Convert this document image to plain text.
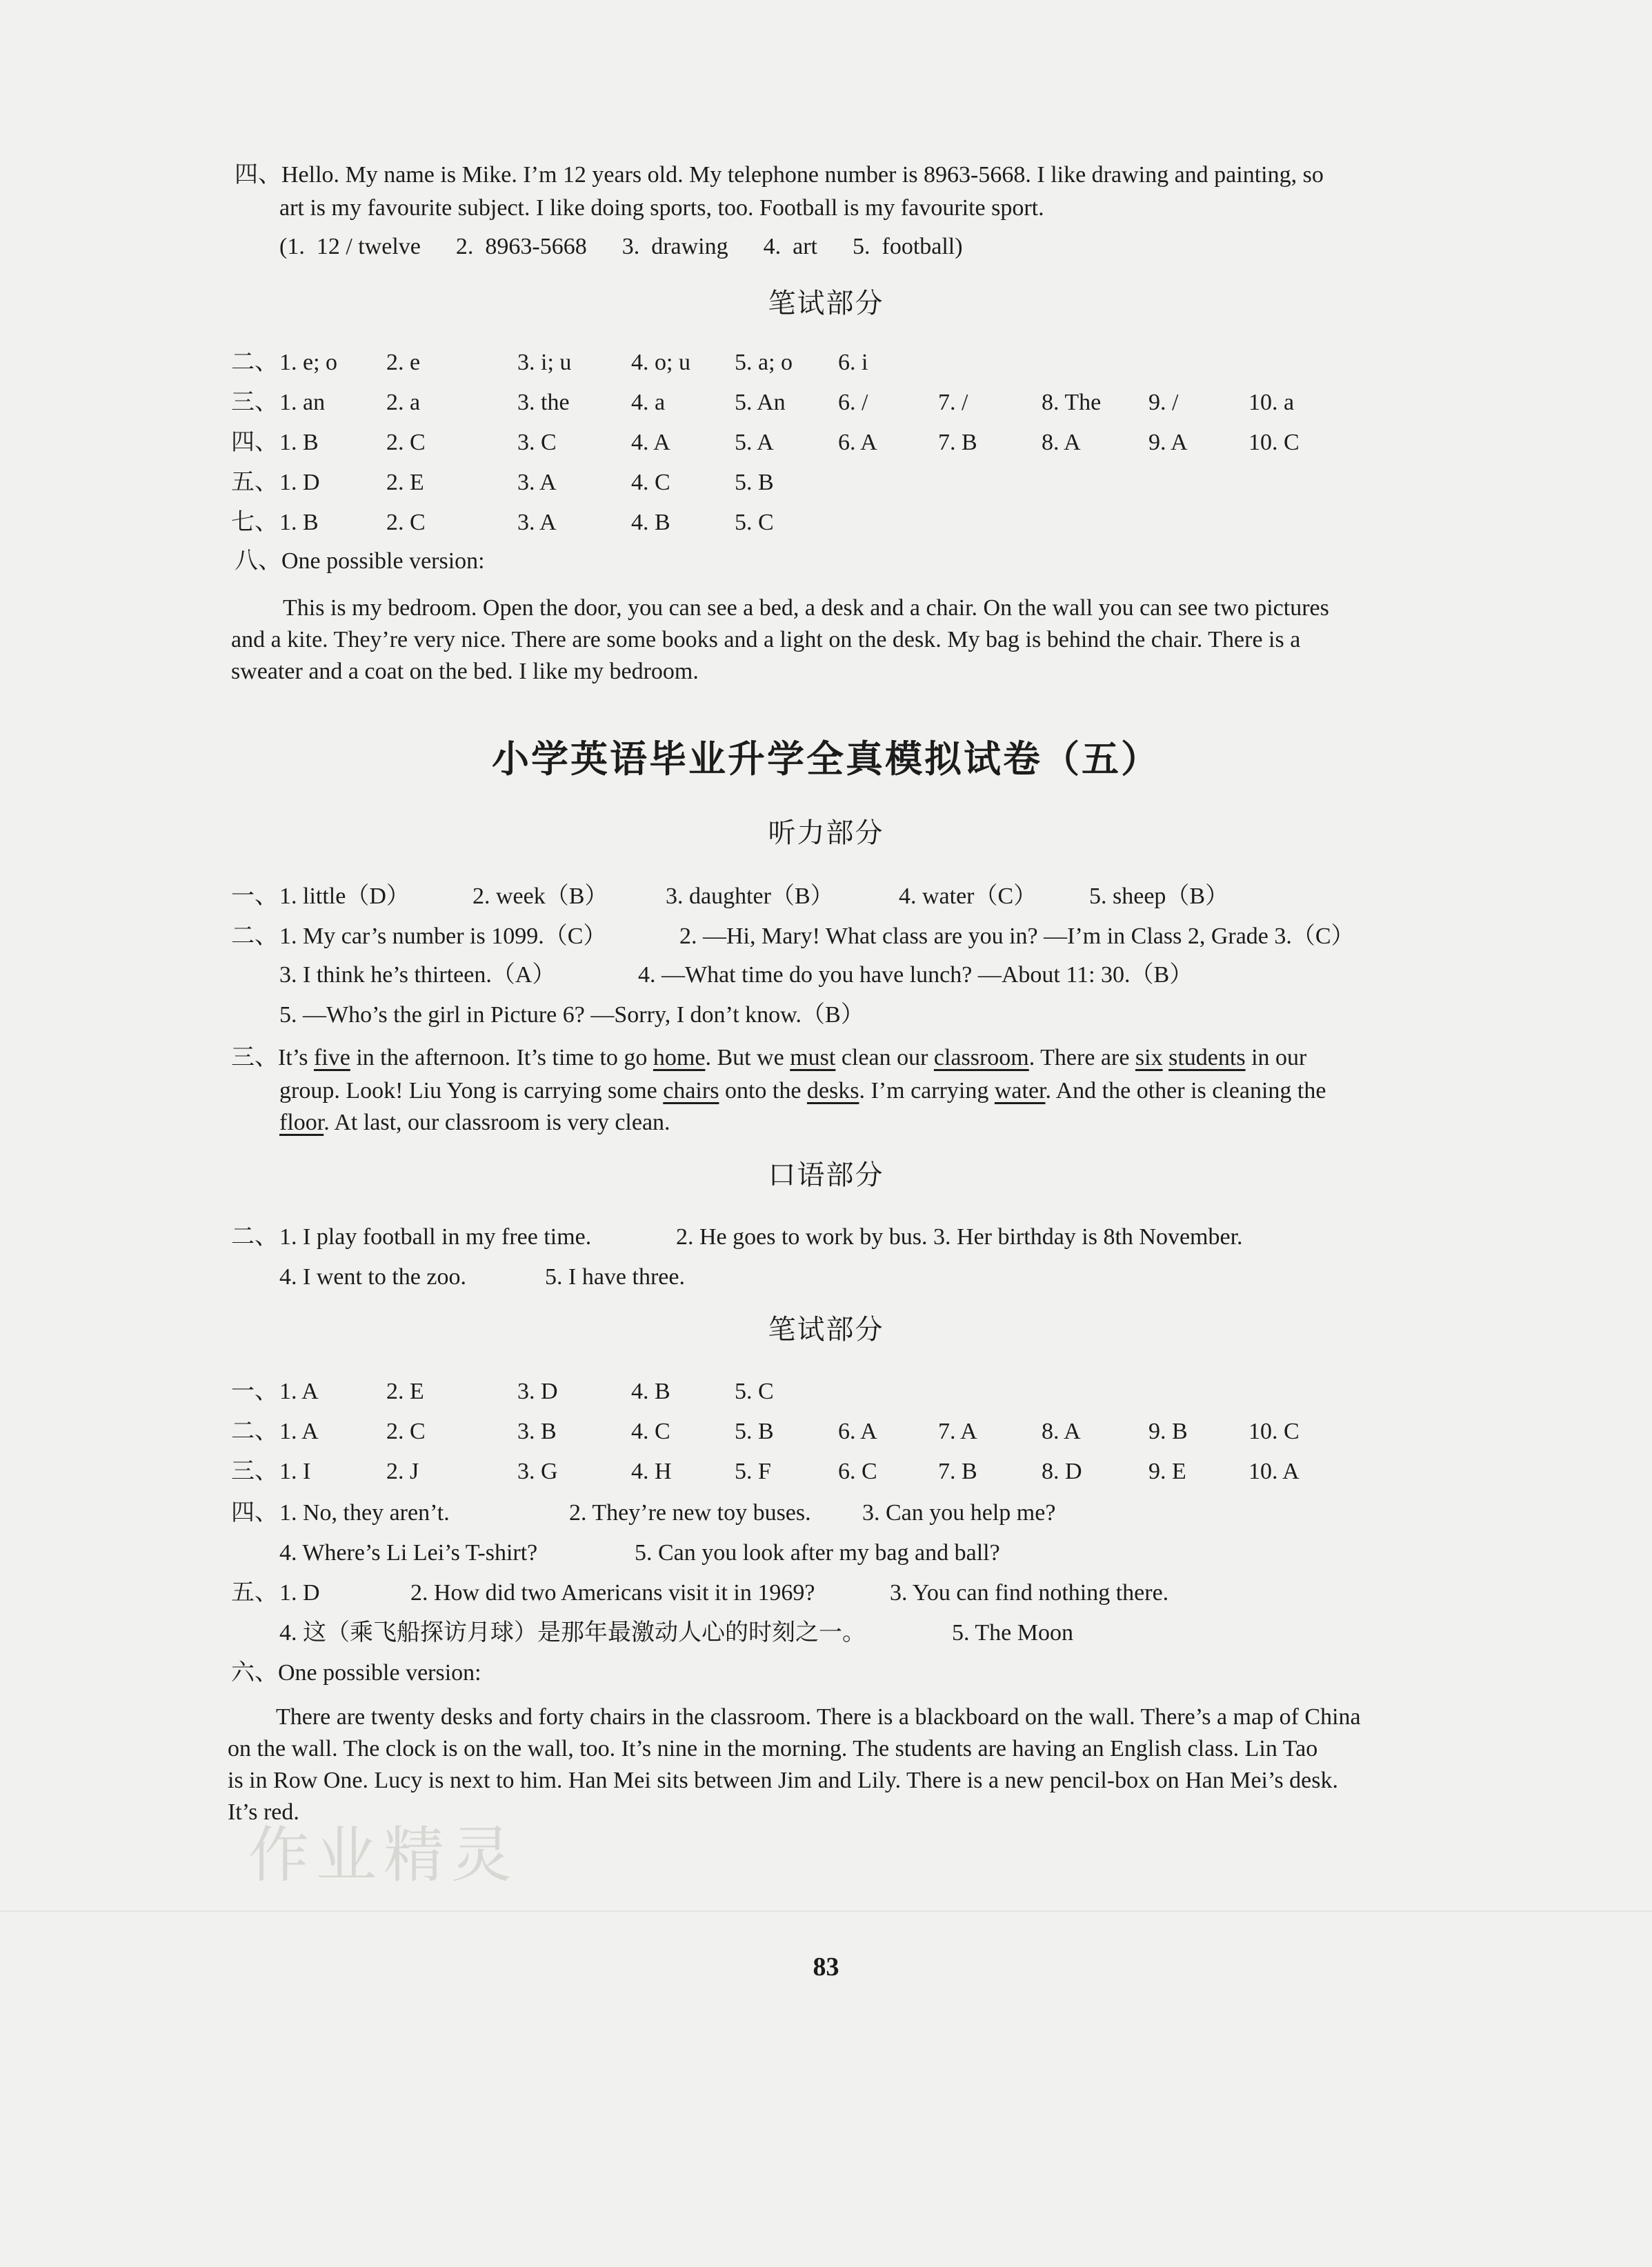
四、Hello. My name is Mike. I’m 12 years old. My telephone number is 8963-5668. I like drawing and painting, so
art is my favourite subject. I like doing sports, too. Football is my favourite sport.
(1.  12 / twelve      2.  8963-5668      3.  drawing      4.  art      5.  football)
笔试部分
二、 1. e; o 2. e	3. i; u	4. o; u 5. a; o 6. i
三、 1. an	2. a	3. the	4. a	5. An 6. /	7. /	8. The 9. /	10. a
四、 1. B	2. C	3. C	4. A	5. A	6. A	7. B	8. A	9. A	10. C
五、 1. D	2. E	3. A	4. C	5. B
七、 1. B	2. C	3. A	4. B	5. C
八、One possible version:
This is my bedroom. Open the door, you can see a bed, a desk and a chair. On the wall you can see two pictures
and a kite. They’re very nice. There are some books and a light on the desk. My bag is behind the chair. There is a
sweater and a coat on the bed. I like my bedroom.
小学英语毕业升学全真模拟试卷（五）
听力部分
一、 1. little（D）	2. week（B） 3. daughter（B）	4. water（C） 5. sheep（B）
二、 1. My car’s number is 1099.（C）	2. —Hi, Mary! What class are you in? —I’m in Class 2, Grade 3.（C）
3. I think he’s thirteen.（A）	4. —What time do you have lunch? —About 11: 30.（B）
5. —Who’s the girl in Picture 6? —Sorry, I don’t know.（B）
三、It’s five in the afternoon. It’s time to go home. But we must clean our classroom. There are six students in our
group. Look! Liu Yong is carrying some chairs onto the desks. I’m carrying water. And the other is cleaning the
floor. At last, our classroom is very clean.
口语部分
二、 1. I play football in my free time.	2. He goes to work by bus. 3. Her birthday is 8th November.
4. I went to the zoo.	5. I have three.
笔试部分
一、 1. A	2. E	3. D	4. B	5. C
二、 1. A	2. C	3. B	4. C	5. B	6. A	7. A	8. A	9. B	10. C
三、 1. I	2. J	3. G	4. H	5. F	6. C	7. B	8. D	9. E	10. A
四、 1. No, they aren’t.	2. They’re new toy buses. 3. Can you help me?
4. Where’s Li Lei’s T-shirt?	5. Can you look after my bag and ball?
五、 1. D	2. How did two Americans visit it in 1969?	3. You can find nothing there.
4. 这（乘飞船探访月球）是那年最激动人心的时刻之一。	5. The Moon
六、One possible version:
There are twenty desks and forty chairs in the classroom. There is a blackboard on the wall. There’s a map of China
on the wall. The clock is on the wall, too. It’s nine in the morning. The students are having an English class. Lin Tao
is in Row One. Lucy is next to him. Han Mei sits between Jim and Lily. There is a new pencil-box on Han Mei’s desk.
It’s red.
作业精灵
83
